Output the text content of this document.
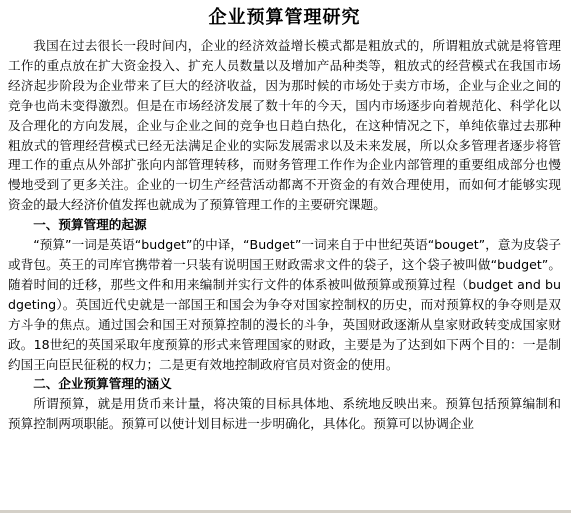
企业预算管理研究

我国在过去很长一段时间内，企业的经济效益增长模式都是粗放式的，所谓粗放式就是将管理工作的重点放在扩大资金投入、扩充人员数量以及增加产品种类等，粗放式的经营模式在我国市场经济起步阶段为企业带来了巨大的经济收益，因为那时候的市场处于卖方市场，企业与企业之间的竞争也尚未变得激烈。但是在市场经济发展了数十年的今天，国内市场逐步向着规范化、科学化以及合理化的方向发展，企业与企业之间的竞争也日趋白热化，在这种情况之下，单纯依靠过去那种粗放式的管理经营模式已经无法满足企业的实际发展需求以及未来发展，所以众多管理者逐步将管理工作的重点从外部扩张向内部管理转移，而财务管理工作作为企业内部管理的重要组成部分也慢慢地受到了更多关注。企业的一切生产经营活动都离不开资金的有效合理使用，而如何才能够实现资金的最大经济价值发挥也就成为了预算管理工作的主要研究课题。

一、预算管理的起源

“预算”一词是英语“budget”的中译，“Budget”一词来自于中世纪英语“bouget”，意为皮袋子或背包。英王的司库官携带着一只装有说明国王财政需求文件的袋子，这个袋子被叫做“budget”。随着时间的迁移，那些文件和用来编制并实行文件的体系被叫做预算或预算过程（budget and budgeting）。英国近代史就是一部国王和国会为争夺对国家控制权的历史，而对预算权的争夺则是双方斗争的焦点。通过国会和国王对预算控制的漫长的斗争，英国财政逐渐从皇家财政转变成国家财政。18世纪的英国采取年度预算的形式来管理国家的财政，主要是为了达到如下两个目的：一是制约国王向臣民征税的权力；二是更有效地控制政府官员对资金的使用。

二、企业预算管理的涵义

所谓预算，就是用货币来计量，将决策的目标具体地、系统地反映出来。预算包括预算编制和预算控制两项职能。预算可以使计划目标进一步明确化，具体化。预算可以协调企业
